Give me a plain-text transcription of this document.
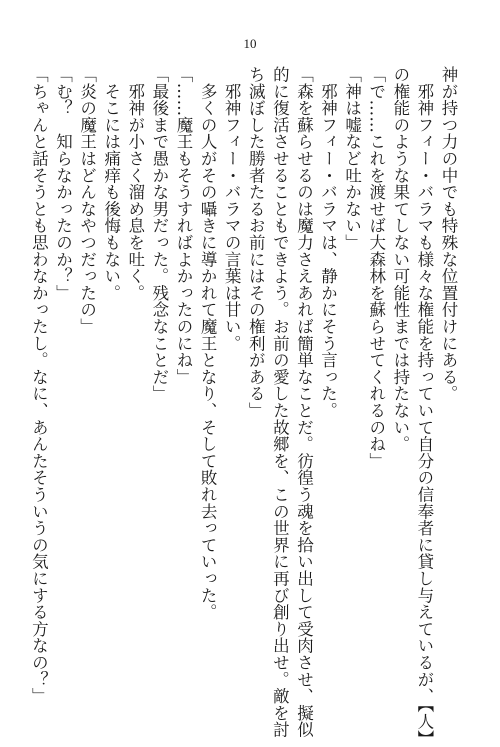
10
神が持つ力の中でも特殊な位置付けにある。
　邪神フィー・バラマも様々な権能を持っていて自分の信奉者に貸し与えているが、【人】
の権能のような果てしない可能性までは持たない。
「で……これを渡せば大森林を蘇らせてくれるのね」
「神は嘘など吐かない」
　邪神フィー・バラマは、静かにそう言った。
「森を蘇らせるのは魔力さえあれば簡単なことだ。彷徨う魂を拾い出して受肉させ、擬似
的に復活させることもできよう。お前の愛した故郷を、この世界に再び創り出せ。敵を討
ち滅ぼした勝者たるお前にはその権利がある」
　邪神フィー・バラマの言葉は甘い。
　多くの人がその囁きに導かれて魔王となり、そして敗れ去っていった。
「……魔王もそうすればよかったのにね」
「最後まで愚かな男だった。残念なことだ」
　邪神が小さく溜め息を吐く。
　そこには痛痒も後悔もない。
「炎の魔王はどんなやつだったの」
「む？　知らなかったのか？」
「ちゃんと話そうとも思わなかったし。なに、あんたそういうの気にする方なの？」
